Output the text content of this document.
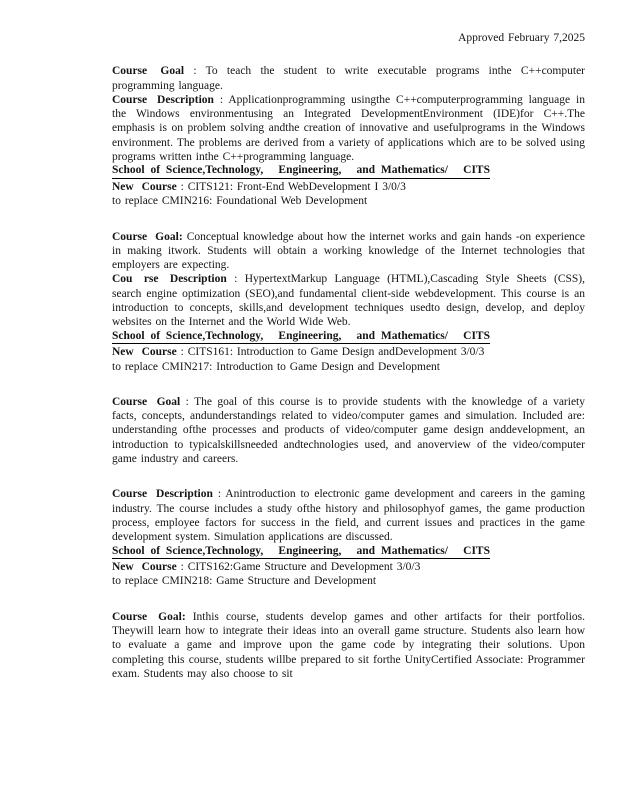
Approved February 7,2025

Course Goal : To teach the student to write executable programs inthe C++computer programming language.

Course Description : Applicationprogramming usingthe C++computerprogramming language in the Windows environmentusing an Integrated DevelopmentEnvironment (IDE)for C++.The emphasis is on problem solving andthe creation of innovative and usefulprograms in the Windows environment. The problems are derived from a variety of applications which are to be solved using programs written inthe C++programming language.

School of Science,Technology, Engineering, and Mathematics/ CITS

New Course : CITS121: Front-End WebDevelopment I 3/0/3

to replace CMIN216: Foundational Web Development

Course Goal: Conceptual knowledge about how the internet works and gain hands -on experience in making itwork. Students will obtain a working knowledge of the Internet technologies that employers are expecting.

Cou rse Description : HypertextMarkup Language (HTML),Cascading Style Sheets (CSS), search engine optimization (SEO),and fundamental client-side webdevelopment. This course is an introduction to concepts, skills,and development techniques usedto design, develop, and deploy websites on the Internet and the World Wide Web.

School of Science,Technology, Engineering, and Mathematics/ CITS

New Course : CITS161: Introduction to Game Design andDevelopment 3/0/3

to replace CMIN217: Introduction to Game Design and Development

Course Goal : The goal of this course is to provide students with the knowledge of a variety facts, concepts, andunderstandings related to video/computer games and simulation. Included are: understanding ofthe processes and products of video/computer game design anddevelopment, an introduction to typicalskillsneeded andtechnologies used, and anoverview of the video/computer game industry and careers.

Course Description : Anintroduction to electronic game development and careers in the gaming industry. The course includes a study ofthe history and philosophyof games, the game production process, employee factors for success in the field, and current issues and practices in the game development system. Simulation applications are discussed.

School of Science,Technology, Engineering, and Mathematics/ CITS

New Course : CITS162:Game Structure and Development 3/0/3

to replace CMIN218: Game Structure and Development

Course Goal: Inthis course, students develop games and other artifacts for their portfolios. Theywill learn how to integrate their ideas into an overall game structure. Students also learn how to evaluate a game and improve upon the game code by integrating their solutions. Upon completing this course, students willbe prepared to sit forthe UnityCertified Associate: Programmer exam. Students may also choose to sit
